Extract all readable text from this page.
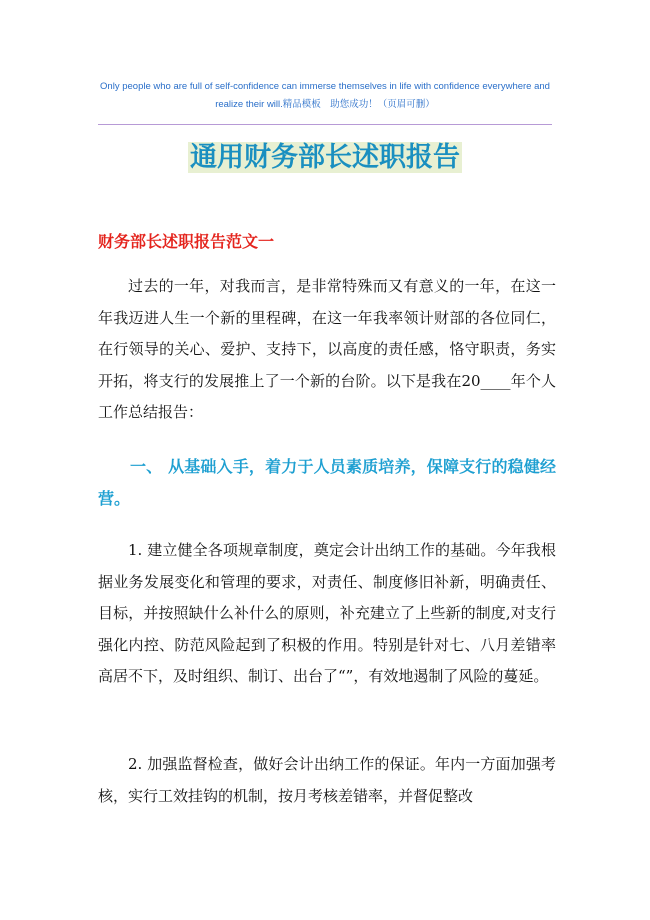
Only people who are full of self-confidence can immerse themselves in life with confidence everywhere and
realize their will.精品模板　助您成功！（页眉可删）
通用财务部长述职报告
财务部长述职报告范文一

过去的一年，对我而言，是非常特殊而又有意义的一年，在这一年我迈进人生一个新的里程碑，在这一年我率领计财部的各位同仁，在行领导的关心、爱护、支持下，以高度的责任感，恪守职责，务实开拓，将支行的发展推上了一个新的台阶。以下是我在20____年个人工作总结报告：

一、 从基础入手，着力于人员素质培养，保障支行的稳健经营。

1. 建立健全各项规章制度，奠定会计出纳工作的基础。今年我根据业务发展变化和管理的要求，对责任、制度修旧补新，明确责任、目标，并按照缺什么补什么的原则，补充建立了上些新的制度,对支行强化内控、防范风险起到了积极的作用。特别是针对七、八月差错率高居不下，及时组织、制订、出台了“”，有效地遏制了风险的蔓延。

2. 加强监督检查，做好会计出纳工作的保证。年内一方面加强考核，实行工效挂钩的机制，按月考核差错率，并督促整改
